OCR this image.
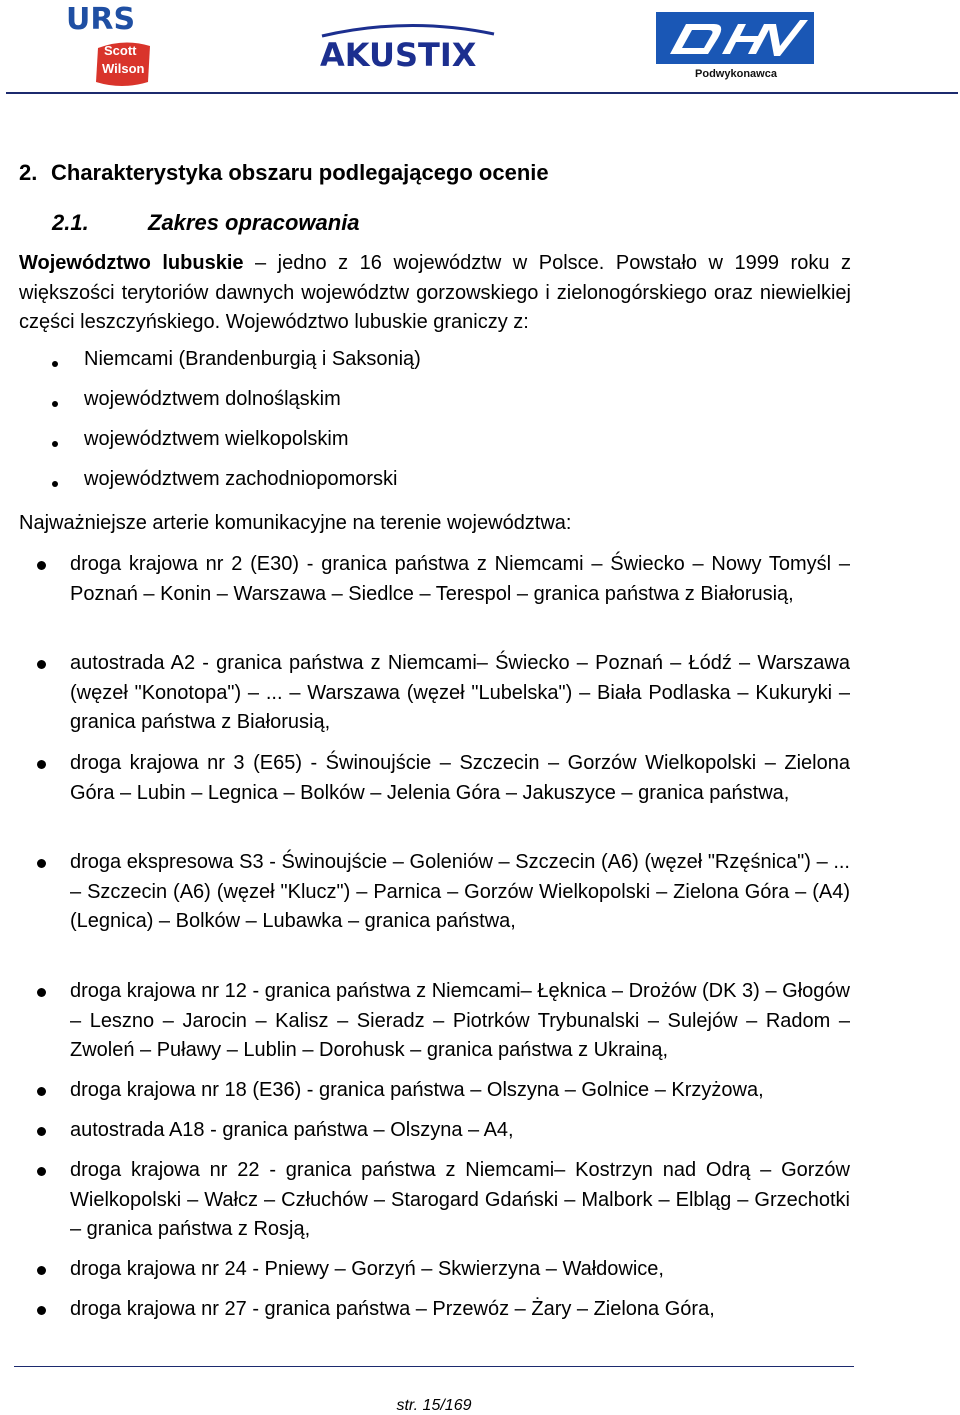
URS
Scott
Wilson	AKUSTIX	Podwykonawca
2. Charakterystyka obszaru podlegającego ocenie
2.1.	Zakres opracowania
Województwo lubuskie – jedno z 16 województw w Polsce. Powstało w 1999 roku z większości terytoriów dawnych województw gorzowskiego i zielonogórskiego oraz niewielkiej części leszczyńskiego. Województwo lubuskie graniczy z:
Niemcami (Brandenburgią i Saksonią)
województwem dolnośląskim
województwem wielkopolskim
województwem zachodniopomorski
Najważniejsze arterie komunikacyjne na terenie województwa:
droga krajowa nr 2 (E30) - granica państwa z Niemcami – Świecko – Nowy Tomyśl – Poznań – Konin – Warszawa – Siedlce – Terespol – granica państwa z Białorusią,
autostrada A2 - granica państwa z Niemcami– Świecko – Poznań – Łódź – Warszawa (węzeł "Konotopa") – ... – Warszawa (węzeł "Lubelska") – Biała Podlaska – Kukuryki – granica państwa z Białorusią,
droga krajowa nr 3 (E65) - Świnoujście – Szczecin – Gorzów Wielkopolski – Zielona Góra – Lubin – Legnica – Bolków – Jelenia Góra – Jakuszyce – granica państwa,
droga ekspresowa S3 - Świnoujście – Goleniów – Szczecin (A6) (węzeł "Rzęśnica") – ... – Szczecin (A6) (węzeł "Klucz") – Parnica – Gorzów Wielkopolski – Zielona Góra – (A4) (Legnica) – Bolków – Lubawka – granica państwa,
droga krajowa nr 12 - granica państwa z Niemcami– Łęknica – Drożów (DK 3) – Głogów – Leszno – Jarocin – Kalisz – Sieradz – Piotrków Trybunalski – Sulejów – Radom – Zwoleń – Puławy – Lublin – Dorohusk – granica państwa z Ukrainą,
droga krajowa nr 18 (E36) - granica państwa – Olszyna – Golnice – Krzyżowa,
autostrada A18 - granica państwa – Olszyna – A4,
droga krajowa nr 22 - granica państwa z Niemcami– Kostrzyn nad Odrą – Gorzów Wielkopolski – Wałcz – Człuchów – Starogard Gdański – Malbork – Elbląg – Grzechotki – granica państwa z Rosją,
droga krajowa nr 24 - Pniewy – Gorzyń – Skwierzyna – Wałdowice,
droga krajowa nr 27 - granica państwa – Przewóz – Żary – Zielona Góra,
str. 15/169
